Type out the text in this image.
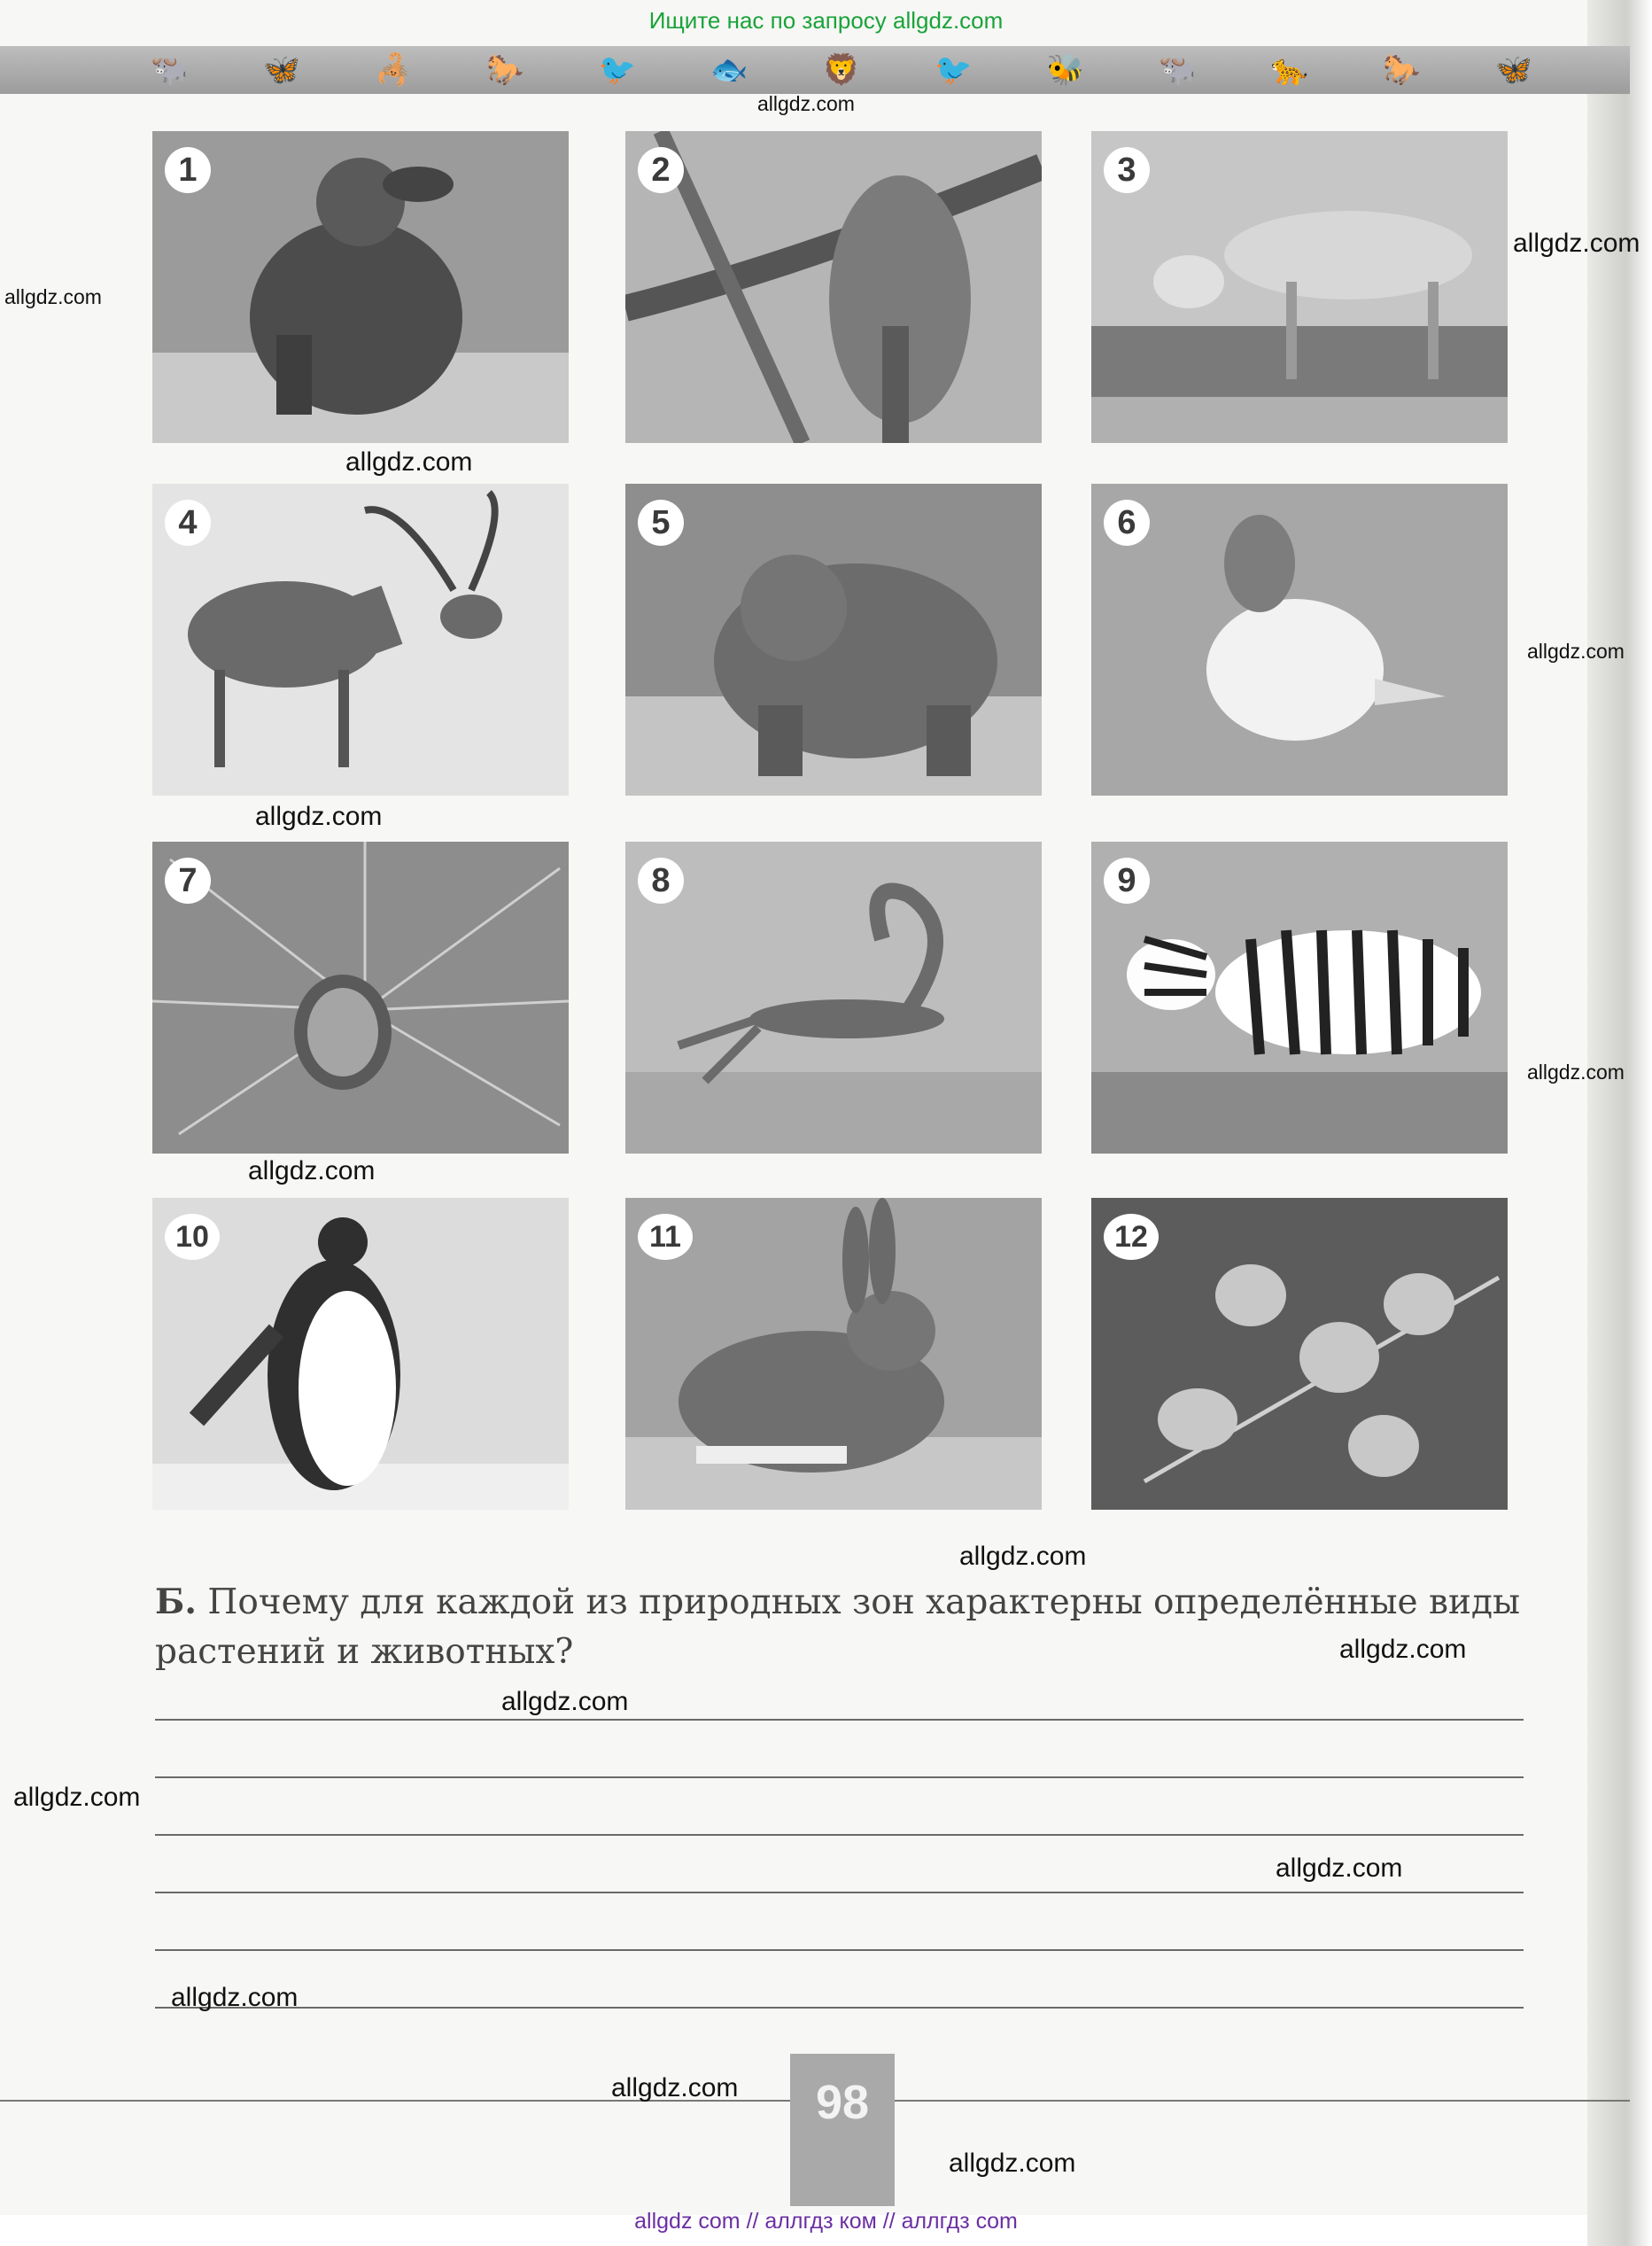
Ищите нас по запросу allgdz.com
🐃 🦋 🦂 🐎 🐦 🐟 🦁 🐦 🐝 🐃 🐆 🐎 🦋
1	2	3
4	5	6
7	8	9
10	11	12
Б. Почему для каждой из природных зон характерны определённые виды растений и животных?
98
allgdz.com
allgdz.com
allgdz.com
allgdz.com
allgdz.com
allgdz.com
allgdz.com
allgdz.com
allgdz.com
allgdz.com
allgdz.com
allgdz.com
allgdz.com
allgdz.com
allgdz.com
allgdz.com
allgdz com // аллгдз ком // аллгдз com
